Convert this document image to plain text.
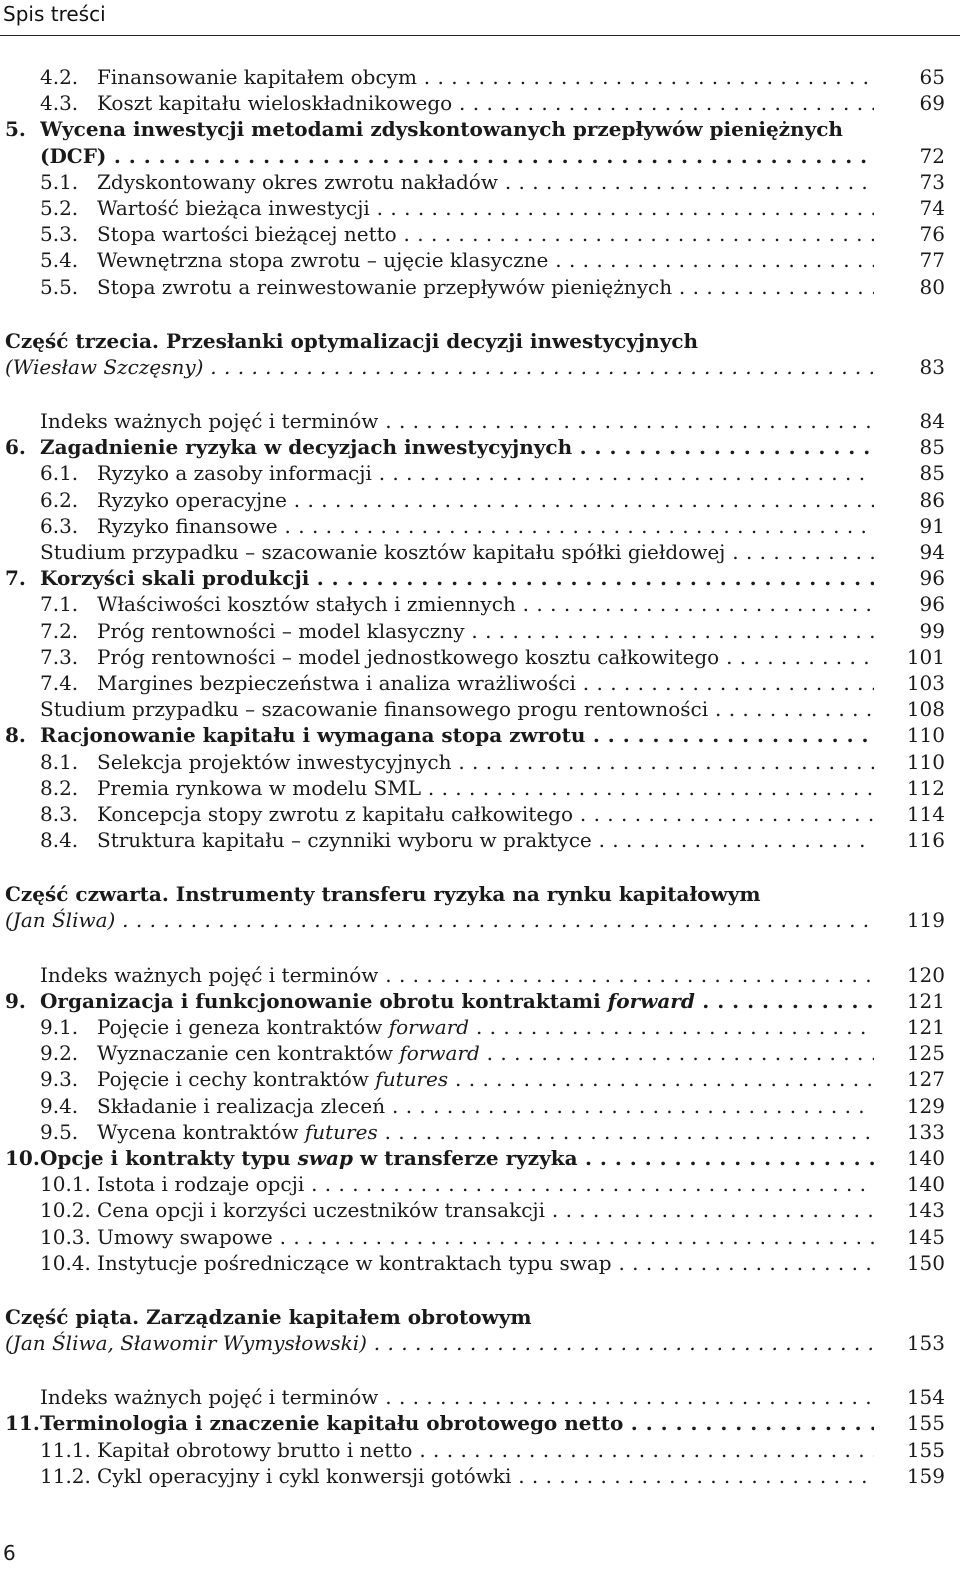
Spis treści
4.2. Finansowanie kapitałem obcym . . .	65
4.3. Koszt kapitału wieloskładnikowego . . .	69
5. Wycena inwestycji metodami zdyskontowanych przepływów pieniężnych
(DCF) . . .	72
5.1. Zdyskontowany okres zwrotu nakładów . . .	73
5.2. Wartość bieżąca inwestycji . . .	74
5.3. Stopa wartości bieżącej netto . . .	76
5.4. Wewnętrzna stopa zwrotu – ujęcie klasyczne . . .	77
5.5. Stopa zwrotu a reinwestowanie przepływów pieniężnych . . .	80
Część trzecia. Przesłanki optymalizacji decyzji inwestycyjnych
(Wiesław Szczęsny) . . .	83
Indeks ważnych pojęć i terminów . . .	84
6. Zagadnienie ryzyka w decyzjach inwestycyjnych . . .	85
6.1. Ryzyko a zasoby informacji . . .	85
6.2. Ryzyko operacyjne . . .	86
6.3. Ryzyko finansowe . . .	91
Studium przypadku – szacowanie kosztów kapitału spółki giełdowej . . .	94
7. Korzyści skali produkcji . . .	96
7.1. Właściwości kosztów stałych i zmiennych . . .	96
7.2. Próg rentowności – model klasyczny . . .	99
7.3. Próg rentowności – model jednostkowego kosztu całkowitego . . .	101
7.4. Margines bezpieczeństwa i analiza wrażliwości . . .	103
Studium przypadku – szacowanie finansowego progu rentowności . . .	108
8. Racjonowanie kapitału i wymagana stopa zwrotu . . .	110
8.1. Selekcja projektów inwestycyjnych . . .	110
8.2. Premia rynkowa w modelu SML . . .	112
8.3. Koncepcja stopy zwrotu z kapitału całkowitego . . .	114
8.4. Struktura kapitału – czynniki wyboru w praktyce . . .	116
Część czwarta. Instrumenty transferu ryzyka na rynku kapitałowym
(Jan Śliwa) . . .	119
Indeks ważnych pojęć i terminów . . .	120
9. Organizacja i funkcjonowanie obrotu kontraktami forward . . .	121
9.1. Pojęcie i geneza kontraktów forward . . .	121
9.2. Wyznaczanie cen kontraktów forward . . .	125
9.3. Pojęcie i cechy kontraktów futures . . .	127
9.4. Składanie i realizacja zleceń . . .	129
9.5. Wycena kontraktów futures . . .	133
10. Opcje i kontrakty typu swap w transferze ryzyka . . .	140
10.1. Istota i rodzaje opcji . . .	140
10.2. Cena opcji i korzyści uczestników transakcji . . .	143
10.3. Umowy swapowe . . .	145
10.4. Instytucje pośredniczące w kontraktach typu swap . . .	150
Część piąta. Zarządzanie kapitałem obrotowym
(Jan Śliwa, Sławomir Wymysłowski) . . .	153
Indeks ważnych pojęć i terminów . . .	154
11. Terminologia i znaczenie kapitału obrotowego netto . . .	155
11.1. Kapitał obrotowy brutto i netto . . .	155
11.2. Cykl operacyjny i cykl konwersji gotówki . . .	159
6
